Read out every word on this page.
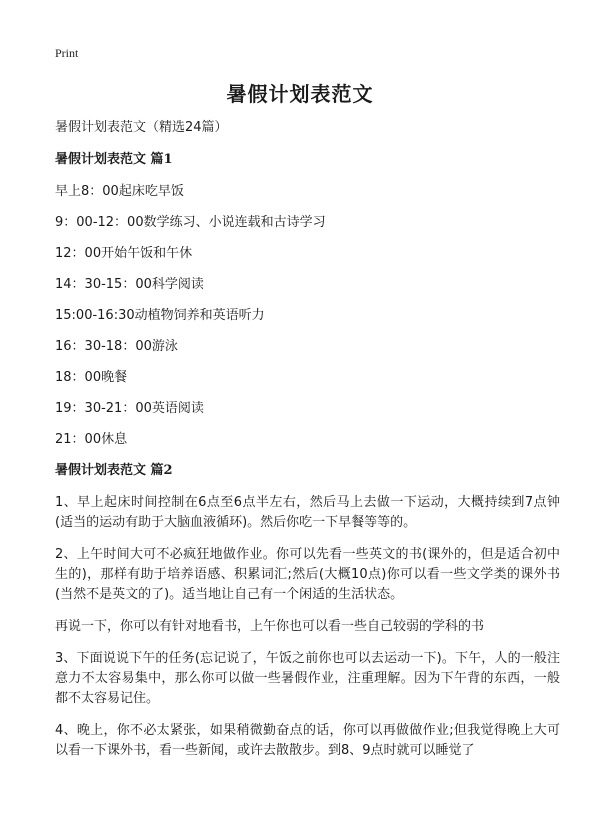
Print
暑假计划表范文
暑假计划表范文（精选24篇）
暑假计划表范文 篇1
早上8：00起床吃早饭
9：00-12：00数学练习、小说连载和古诗学习
12：00开始午饭和午休
14：30-15：00科学阅读
15:00-16:30动植物饲养和英语听力
16：30-18：00游泳
18：00晚餐
19：30-21：00英语阅读
21：00休息
暑假计划表范文 篇2
1、早上起床时间控制在6点至6点半左右，然后马上去做一下运动，大概持续到7点钟(适当的运动有助于大脑血液循环)。然后你吃一下早餐等等的。
2、上午时间大可不必疯狂地做作业。你可以先看一些英文的书(课外的，但是适合初中生的)，那样有助于培养语感、积累词汇;然后(大概10点)你可以看一些文学类的课外书(当然不是英文的了)。适当地让自己有一个闲适的生活状态。
再说一下，你可以有针对地看书，上午你也可以看一些自己较弱的学科的书
3、下面说说下午的任务(忘记说了，午饭之前你也可以去运动一下)。下午，人的一般注意力不太容易集中，那么你可以做一些暑假作业，注重理解。因为下午背的东西，一般都不太容易记住。
4、晚上，你不必太紧张，如果稍微勤奋点的话，你可以再做做作业;但我觉得晚上大可以看一下课外书，看一些新闻，或许去散散步。到8、9点时就可以睡觉了
